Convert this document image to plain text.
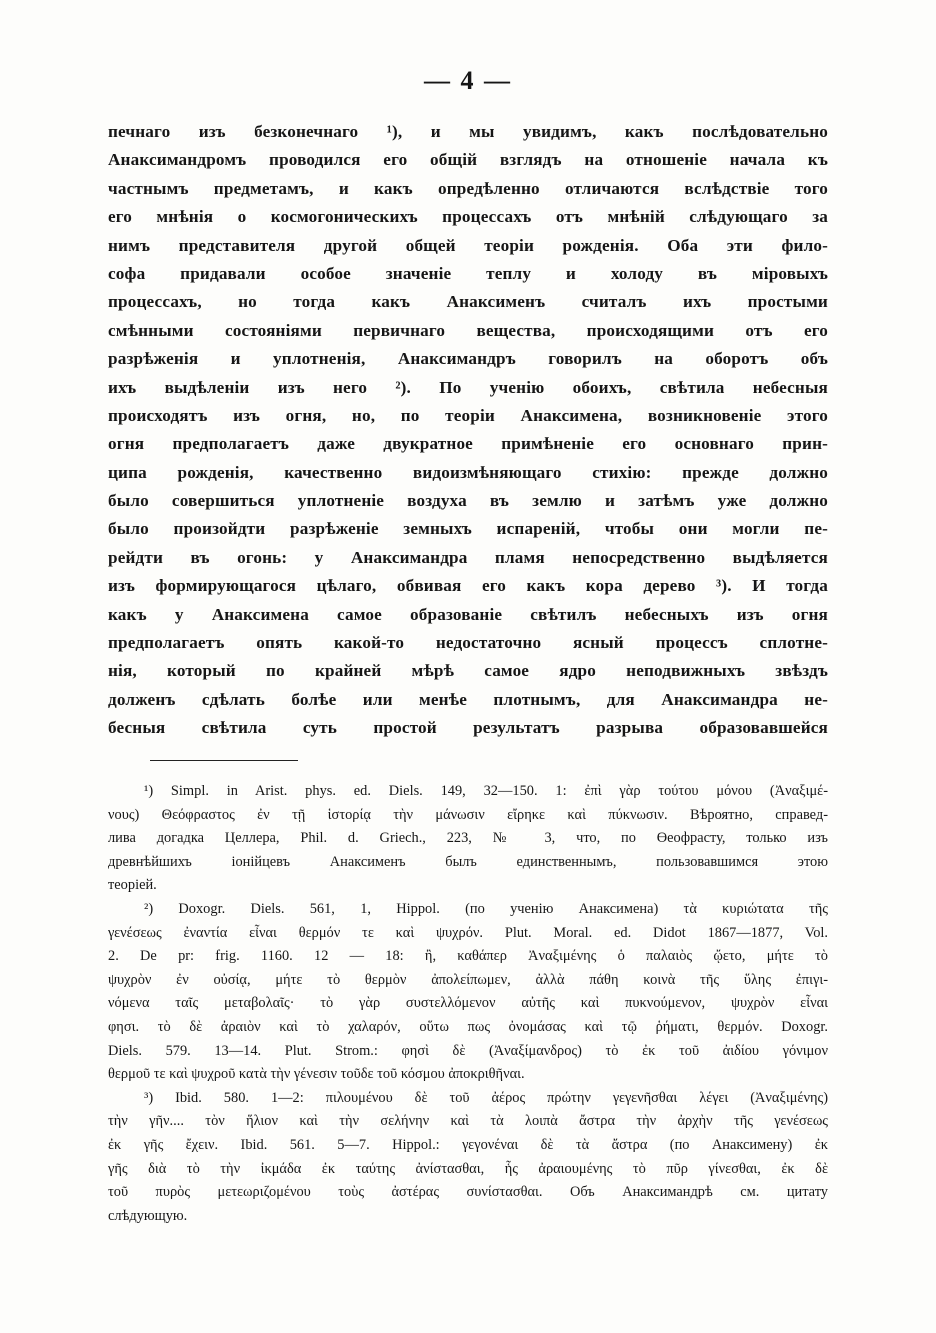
— 4 —
печнаго изъ безконечнаго ¹), и мы увидимъ, какъ послѣдовательно
Анаксимандромъ проводился его общій взглядъ на отношеніе начала къ
частнымъ предметамъ, и какъ опредѣленно отличаются вслѣдствіе того
его мнѣнія о космогоническихъ процессахъ отъ мнѣній слѣдующаго за
нимъ представителя другой общей теоріи рожденія. Оба эти фило-
софа придавали особое значеніе теплу и холоду въ міровыхъ
процессахъ, но тогда какъ Анаксименъ считалъ ихъ простыми
смѣнными состояніями первичнаго вещества, происходящими отъ его
разрѣженія и уплотненія, Анаксимандръ говорилъ на оборотъ объ
ихъ выдѣленіи изъ него ²). По ученію обоихъ, свѣтила небесныя
происходятъ изъ огня, но, по теоріи Анаксимена, возникновеніе этого
огня предполагаетъ даже двукратное примѣненіе его основнаго прин-
ципа рожденія, качественно видоизмѣняющаго стихію: прежде должно
было совершиться уплотненіе воздуха въ землю и затѣмъ уже должно
было произойдти разрѣженіе земныхъ испареній, чтобы они могли пе-
рейдти въ огонь: у Анаксимандра пламя непосредственно выдѣляется
изъ формирующагося цѣлаго, обвивая его какъ кора дерево ³). И тогда
какъ у Анаксимена самое образованіе свѣтилъ небесныхъ изъ огня
предполагаетъ опять какой-то недостаточно ясный процессъ сплотне-
нія, который по крайней мѣрѣ самое ядро неподвижныхъ звѣздъ
долженъ сдѣлать болѣе или менѣе плотнымъ, для Анаксимандра не-
бесныя свѣтила суть простой результатъ разрыва образовавшейся
¹) Simpl. in Arist. phys. ed. Diels. 149, 32—150. 1: ἐπὶ γὰρ τούτου μόνου (Ἀναξιμέ-
νους) Θεόφραστος ἐν τῇ ἱστορίᾳ τὴν μάνωσιν εἴρηκε καὶ πύκνωσιν. Вѣроятно, справед-
лива догадка Целлера, Phil. d. Griech., 223, № 3, что, по Өеофрасту, только изъ
древнѣйшихъ іонійцевъ Анаксименъ былъ единственнымъ, пользовавшимся этою
теоріей.
²) Doxogr. Diels. 561, 1, Hippol. (по ученію Анаксимена) τὰ κυριώτατα τῆς
γενέσεως ἐναντία εἶναι θερμόν τε καὶ ψυχρόν. Plut. Moral. ed. Didot 1867—1877, Vol.
2. De pr: frig. 1160. 12 — 18: ἢ, καθάπερ Ἀναξιμένης ὁ παλαιὸς ᾤετο, μήτε τὸ
ψυχρὸν ἐν οὐσίᾳ, μήτε τὸ θερμὸν ἀπολείπωμεν, ἀλλὰ πάθη κοινὰ τῆς ὕλης ἐπιγι-
νόμενα ταῖς μεταβολαῖς· τὸ γὰρ συστελλόμενον αὐτῆς καὶ πυκνούμενον, ψυχρὸν εἶναι
φησι. τὸ δὲ ἀραιὸν καὶ τὸ χαλαρόν, οὕτω πως ὀνομάσας καὶ τῷ ῥήματι, θερμόν. Doxogr.
Diels. 579. 13—14. Plut. Strom.: φησὶ δὲ (Ἀναξίμανδρος) τὸ ἐκ τοῦ ἀιδίου γόνιμον
θερμοῦ τε καὶ ψυχροῦ κατὰ τὴν γένεσιν τοῦδε τοῦ κόσμου ἀποκριθῆναι.
³) Ibid. 580. 1—2: πιλουμένου δὲ τοῦ ἀέρος πρώτην γεγενῆσθαι λέγει (Ἀναξιμένης)
τὴν γῆν.... τὸν ἥλιον καὶ τὴν σελήνην καὶ τὰ λοιπὰ ἄστρα τὴν ἀρχὴν τῆς γενέσεως
ἐκ γῆς ἔχειν. Ibid. 561. 5—7. Hippol.: γεγονέναι δὲ τὰ ἄστρα (по Анаксимену) ἐκ
γῆς διὰ τὸ τὴν ἰκμάδα ἐκ ταύτης ἀνίστασθαι, ἧς ἀραιουμένης τὸ πῦρ γίνεσθαι, ἐκ δὲ
τοῦ πυρὸς μετεωριζομένου τοὺς ἀστέρας συνίστασθαι. Объ Анаксимандрѣ см. цитату
слѣдующую.
